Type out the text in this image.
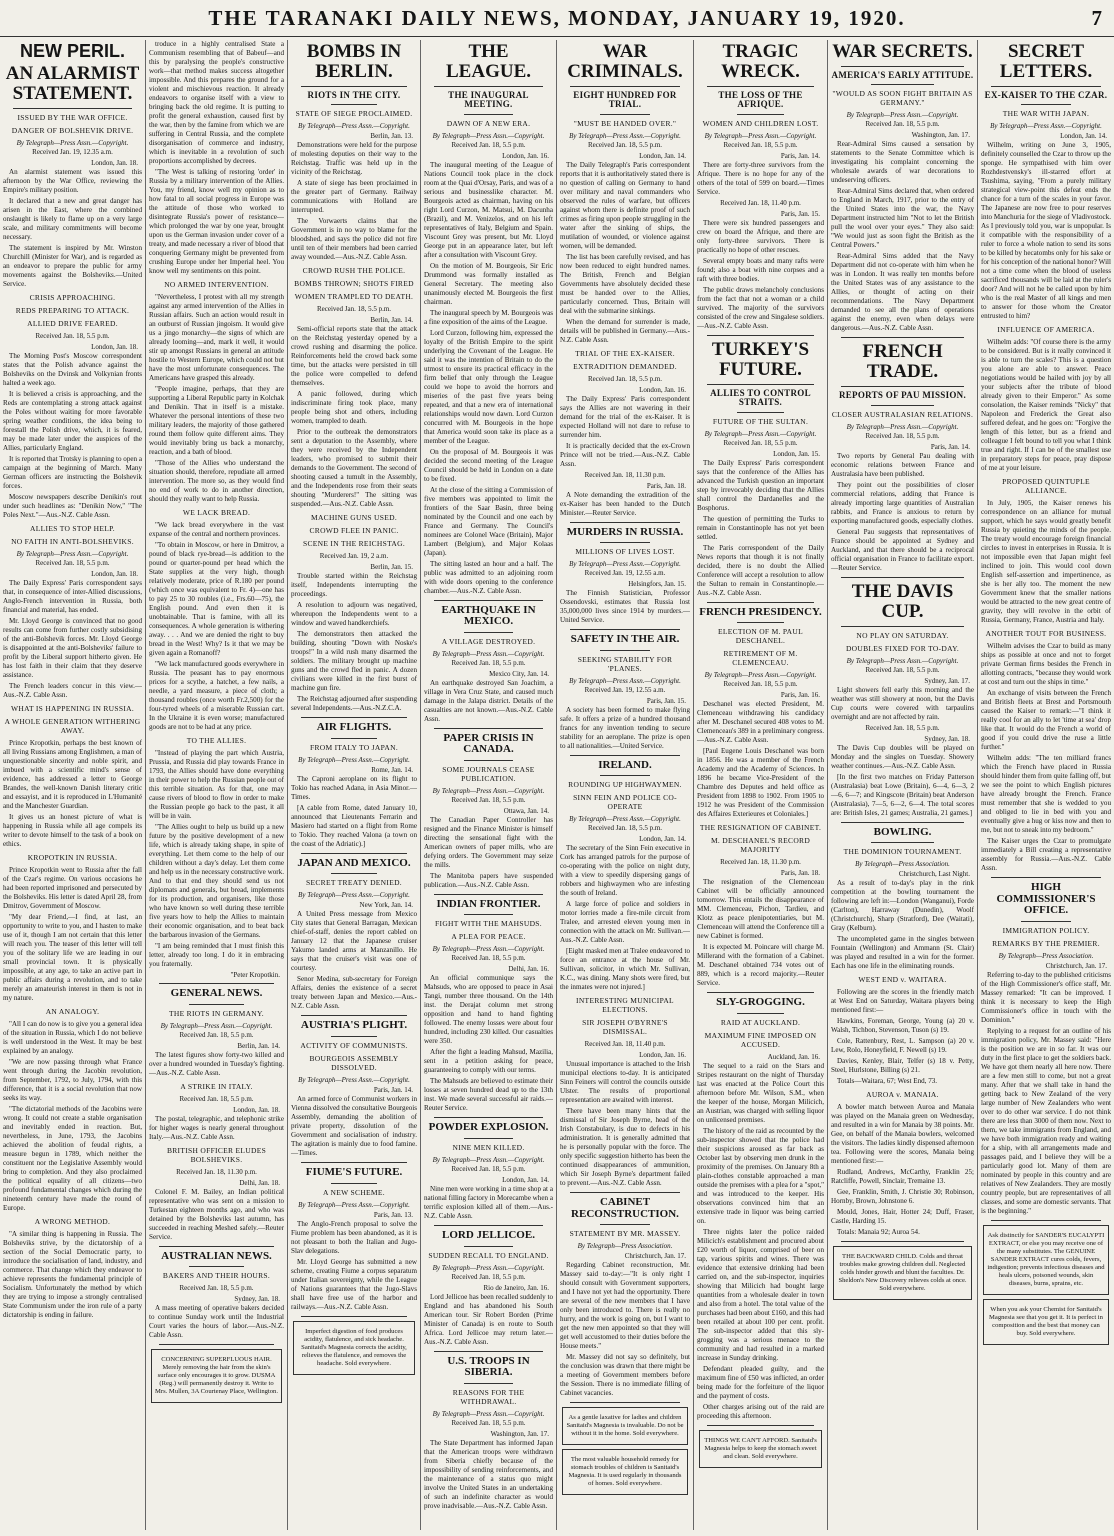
THE TARANAKI DAILY NEWS, MONDAY, JANUARY 19, 1920.	7
NEW PERIL.
AN ALARMIST STATEMENT.
ISSUED BY THE WAR OFFICE.
DANGER OF BOLSHEVIK DRIVE.
By Telegraph—Press Assn.—Copyright.
Received Jan. 19, 12.35 a.m.
London, Jan. 18.

An alarmist statement was issued this afternoon by the War Office, reviewing the Empire's military position.

It declared that a new and great danger has arisen in the East, where the combined onslaught is likely to flame up on a very large scale, and military commitments will become necessary.

The statement is inspired by Mr. Winston Churchill (Minister for War), and is regarded as an endeavor to prepare the public for army movements against the Bolsheviks.—United Service.

CRISIS APPROACHING.
REDS PREPARING TO ATTACK.
ALLIED DRIVE FEARED.
Received Jan. 18, 5.5 p.m.
London, Jan. 18.

The Morning Post's Moscow correspondent states that the Polish advance against the Bolsheviks on the Dvinsk and Volkynian fronts halted a week ago.

It is believed a crisis is approaching, and the Reds are contemplating a strong attack against the Poles without waiting for more favorable spring weather conditions, the idea being to forestall the Polish drive, which, it is feared, may be made later under the auspices of the Allies, particularly England.

It is reported that Trotsky is planning to open a campaign at the beginning of March. Many German officers are instructing the Bolshevik forces.

Moscow newspapers describe Denikin's rout under such headlines as: "Denikin Now," "The Poles Next."—Aus.-N.Z. Cable Assn.

ALLIES TO STOP HELP.
NO FAITH IN ANTI-BOLSHEVIKS.
By Telegraph—Press Assn.—Copyright.
Received Jan. 18, 5.5 p.m.
London, Jan. 18.

The Daily Express' Paris correspondent says that, in consequence of inter-Allied discussions, Anglo-French intervention in Russia, both financial and material, has ended.

Mr. Lloyd George is convinced that no good results can come from further costly subsidising of the anti-Bolshevik forces. Mr. Lloyd George is disappointed at the anti-Bolsheviks' failure to profit by the Liberal support hitherto given. He has lost faith in their claim that they deserve assistance.

The French leaders concur in this view.—Aus.-N.Z. Cable Assn.

WHAT IS HAPPENING IN RUSSIA.
A WHOLE GENERATION WITHERING AWAY.

Prince Kropotkin, perhaps the best known of all living Russians among Englishmen, a man of unquestionable sincerity and noble spirit, and imbued with a scientific mind's sense of evidence, has addressed a letter to George Brandes, the well-known Danish literary critic and essayist, and it is reproduced in L'Humanité and the Manchester Guardian.

It gives us an honest picture of what is happening in Russia while all age compels its writer to devote himself to the task of a book on ethics.

KROPOTKIN IN RUSSIA.

Prince Kropotkin went to Russia after the fall of the Czar's regime. On various occasions he had been reported imprisoned and persecuted by the Bolsheviks. His letter is dated April 28, from Dmitrov, Government of Moscow.

"My dear Friend,—I find, at last, an opportunity to write to you, and I hasten to make use of it, though I am not certain that this letter will reach you. The teaser of this letter will tell you of the solitary life we are leading in our small provincial town. It is physically impossible, at any age, to take an active part in public affairs during a revolution, and to take merely an amateurish interest in them is not in my nature.

AN ANALOGY.

"All I can do now is to give you a general idea of the situation in Russia, which I do not believe is well understood in the West. It may be best explained by an analogy.

"We are now passing through what France went through during the Jacobin revolution, from September, 1792, to July, 1794, with this difference, that it is a social revolution that now seeks its way.

"The dictatorial methods of the Jacobins were wrong. It could not create a stable organisation and inevitably ended in reaction. But, nevertheless, in June, 1793, the Jacobins achieved the abolition of feudal rights, a measure begun in 1789, which neither the constituent nor the Legislative Assembly would bring to completion. And they also proclaimed the political equality of all citizens—two profound fundamental changes which during the nineteenth century have made the round of Europe.

A WRONG METHOD.

"A similar thing is happening in Russia. The Bolsheviks strive, by the dictatorship of a section of the Social Democratic party, to introduce the socialisation of land, industry, and commerce. That change which they endeavor to achieve represents the fundamental principle of Socialism. Unfortunately the method by which they are trying to impose a strongly centralised State Communism under the iron rule of a party dictatorship is ending in failure.

troduce in a highly centralised State a Communism resembling that of Babeuf—and this by paralysing the people's constructive work—that method makes success altogether impossible. And this prepares the ground for a violent and mischievous reaction. It already endeavors to organise itself with a view to bringing back the old regime. It is putting to profit the general exhaustion, caused first by the war, then by the famine from which we are suffering in Central Russia, and the complete disorganisation of commerce and industry, which is inevitable in a revolution of such proportions accomplished by decrees.

"The West is talking of restoring 'order' in Russia by a military intervention of the Allies. You, my friend, know well my opinion as to how fatal to all social progress in Europe was the attitude of those who worked to disintegrate Russia's power of resistance—which prolonged the war by one year, brought upon us the German invasion under cover of a treaty, and made necessary a river of blood that conquering Germany might be prevented from crushing Europe under her Imperial heel. You know well my sentiments on this point.

NO ARMED INTERVENTION.

"Nevertheless, I protest with all my strength against any armed intervention of the Allies in Russian affairs. Such an action would result in an outburst of Russian jingoism. It would give us a jingo monarchy—the signs of which are already looming—and, mark it well, it would stir up amongst Russians in general an attitude hostile to Western Europe, which could not but have the most unfortunate consequences. The Americans have grasped this already.

"People imagine, perhaps, that they are supporting a Liberal Republic party in Kolchak and Denikin. That in itself is a mistake. Whatever the personal intentions of these two military leaders, the majority of those gathered round them follow quite different aims. They would inevitably bring us back a monarchy, reaction, and a bath of blood.

"Those of the Allies who understand the situation should, therefore, repudiate all armed intervention. The more so, as they would find no end of work to do in another direction, should they really want to help Russia.

WE LACK BREAD.

"We lack bread everywhere in the vast expanse of the central and northern provinces.

"To obtain in Moscow, or here in Dmitrov, a pound of black rye-bread—is addition to the pound or quarter-pound per head which the State supplies at the very high, though relatively moderate, price of R.180 per pound (which once was equivalent to Fr. 4)—one has to pay 25 to 30 roubles (i.e., Frs.60—75), the English pound. And even then it is unobtainable. That is famine, with all its consequences. A whole generation is withering away. . . . And we are denied the right to buy bread in the West! Why? Is it that we may be given again a Romanoff?

"We lack manufactured goods everywhere in Russia. The peasant has to pay enormous prices for a scythe, a hatchet, a few nails, a needle, a yard measure, a piece of cloth; a thousand roubles (once worth Fr.2,500) for the four-tyred wheels of a miserable Russian cart. In the Ukraine it is even worse; manufactured goods are not to be had at any price.

TO THE ALLIES.

"Instead of playing the part which Austria, Prussia, and Russia did play towards France in 1793, the Allies should have done everything in their power to help the Russian people out of this terrible situation. As for that, one may cause rivers of blood to flow in order to make the Russian people go back to the past, it all will be in vain.

"The Allies ought to help us build up a new future by the positive development of a new life, which is already taking shape, in spite of everything. Let them come to the help of our children without a day's delay. Let them come and help us in the necessary constructive work. And to that end they should send us not diplomats and generals, but bread, implements for its production, and organisers, like those who have known so well during these terrible five years how to help the Allies to maintain their economic organisation, and to beat back the barbarous invasion of the Germans.

"I am being reminded that I must finish this letter, already too long. I do it in embracing you fraternally.

"Peter Kropotkin.
GENERAL NEWS.
THE RIOTS IN GERMANY.
By Telegraph—Press Assn.—Copyright.
Received Jan. 18, 5.5 p.m.
Berlin, Jan. 14.

The latest figures show forty-two killed and over a hundred wounded in Tuesday's fighting.—Aus.-N.Z. Cable Assn.

A STRIKE IN ITALY.
Received Jan. 18, 5.5 p.m.
London, Jan. 18.

The postal, telegraphic, and telephonic strike for higher wages is nearly general throughout Italy.—Aus.-N.Z. Cable Assn.

BRITISH OFFICER ELUDES BOLSHEVIKS.
Received Jan. 18, 11.30 p.m.
Delhi, Jan. 18.

Colonel F. M. Bailey, an Indian political representative who was sent on a mission to Turkestan eighteen months ago, and who was detained by the Bolsheviks last autumn, has succeeded in reaching Meshed safely.—Reuter Service.

AUSTRALIAN NEWS.
BAKERS AND THEIR HOURS.
Received Jan. 18, 5.5 p.m.
Sydney, Jan. 18.

A mass meeting of operative bakers decided to continue Sunday work until the Industrial Court varies the hours of labor.—Aus.-N.Z. Cable Assn.

CONCERNING SUPERFLUOUS HAIR. Merely removing the hair from the skin's surface only encourages it to grow. DUSMA (Reg.) will permanently destroy it. Write to Mrs. Mullen, 3A Courtenay Place, Wellington.
BOMBS IN BERLIN.
RIOTS IN THE CITY.
STATE OF SIEGE PROCLAIMED.
By Telegraph—Press Assn.—Copyright.
Berlin, Jan. 13.

Demonstrations were held for the purpose of molesting deputies on their way to the Reichstag. Traffic was held up in the vicinity of the Reichstag.

A state of siege has been proclaimed in the greater part of Germany. Railway communications with Holland are interrupted.

The Vorwaerts claims that the Government is in no way to blame for the bloodshed, and says the police did not fire until ten of their members had been carried away wounded.—Aus.-N.Z. Cable Assn.

CROWD RUSH THE POLICE.
BOMBS THROWN; SHOTS FIRED
WOMEN TRAMPLED TO DEATH.
Received Jan. 18, 5.5 p.m.
Berlin, Jan. 14.

Semi-official reports state that the attack on the Reichstag yesterday opened by a crowd rushing and disarming the police. Reinforcements held the crowd back some time, but the attacks were persisted in till the police were compelled to defend themselves.

A panic followed, during which indiscriminate firing took place, many people being shot and others, including women, trampled to death.

Prior to the outbreak the demonstrators sent a deputation to the Assembly, where they were received by the Independent leaders, who promised to submit their demands to the Government. The second of shooting caused a tumult in the Assembly, and the Independents rose from their seats shouting "Murderers!" The sitting was suspended.—Aus.-N.Z. Cable Assn.

MACHINE GUNS USED.
CROWD FLEE IN PANIC.
SCENE IN THE REICHSTAG.
Received Jan. 19, 2 a.m.
Berlin, Jan. 15.

Trouble started within the Reichstag itself, Independents interrupting the proceedings.

A resolution to adjourn was negatived, whereupon the Independents went to a window and waved handkerchiefs.

The demonstrators then attacked the building, shouting "Down with Noske's troops!" In a wild rush many disarmed the soldiers. The military brought up machine guns and the crowd fled in panic. A dozen civilians were killed in the first burst of machine gun fire.

The Reichstag adjourned after suspending several Independents.—Aus.-N.Z.C.A.

AIR FLIGHTS.
FROM ITALY TO JAPAN.
By Telegraph—Press Assn.—Copyright.
Rome, Jan. 14.

The Caproni aeroplane on its flight to Tokio has reached Adana, in Asia Minor.—Times.

[A cable from Rome, dated January 10, announced that Lieutenants Ferrarin and Masiero had started on a flight from Rome to Tokio. They reached Valona (a town on the coast of the Adriatic).]

JAPAN AND MEXICO.
SECRET TREATY DENIED.
By Telegraph—Press Assn.—Copyright.
New York, Jan. 14.

A United Press message from Mexico City states that General Barragan, Mexican chief-of-staff, denies the report cabled on January 12 that the Japanese cruiser Yakumo landed arms at Manzanillo. He says that the cruiser's visit was one of courtesy.

Senor Medina, sub-secretary for Foreign Affairs, denies the existence of a secret treaty between Japan and Mexico.—Aus.-N.Z. Cable Assn.

AUSTRIA'S PLIGHT.
ACTIVITY OF COMMUNISTS.
BOURGEOIS ASSEMBLY DISSOLVED.
By Telegraph—Press Assn.—Copyright.
Paris, Jan. 14.

An armed force of Communist workers in Vienna dissolved the consultative Bourgeois Assembly, demanding the abolition of private property, dissolution of the Government and socialisation of industry. The agitation is mainly due to food famine.—Times.

FIUME'S FUTURE.
A NEW SCHEME.
By Telegraph—Press Assn.—Copyright.
Paris, Jan. 13.

The Anglo-French proposal to solve the Fiume problem has been abandoned, as it is not pleasant to both the Italian and Jugo-Slav delegations.

Mr. Lloyd George has submitted a new scheme, creating Fiume a corpus separatum under Italian sovereignty, while the League of Nations guarantees that the Jugo-Slavs shall have free use of the harbor and railways.—Aus.-N.Z. Cable Assn.

Imperfect digestion of food produces acidity, flatulence, and sick headache. Sanitaid's Magnesia corrects the acidity, relieves the flatulence, and removes the headache. Sold everywhere.
THE LEAGUE.
THE INAUGURAL MEETING.
DAWN OF A NEW ERA.
By Telegraph—Press Assn.—Copyright.
Received Jan. 18, 5.5 p.m.
London, Jan. 16.

The inaugural meeting of the League of Nations Council took place in the clock room at the Quai d'Orsay, Paris, and was of a serious and businesslike character. M. Bourgeois acted as chairman, having on his right Lord Curzon, M. Matsui, M. Dacunha (Brazil), and M. Venizelos, and on his left representatives of Italy, Belgium and Spain. Viscount Grey was present, but Mr. Lloyd George put in an appearance later, but left after a consultation with Viscount Grey.

On the motion of M. Bourgeois, Sir Eric Drummond was formally installed as General Secretary. The meeting also unanimously elected M. Bourgeois the first chairman.

The inaugural speech by M. Bourgeois was a fine exposition of the aims of the League.

Lord Curzon, following him, expressed the loyalty of the British Empire to the spirit underlying the Covenant of the League. He said it was the intention of Britain to do the utmost to ensure its practical efficacy in the firm belief that only through the League could we hope to avoid the horrors and miseries of the past five years being repeated, and that a new era of international relationships would now dawn. Lord Curzon concurred with M. Bourgeois in the hope that America would soon take its place as a member of the League.

On the proposal of M. Bourgeois it was decided the second meeting of the League Council should be held in London on a date to be fixed.

At the close of the sitting a Commission of five members was appointed to limit the frontiers of the Saar Basin, three being nominated by the Council and one each by France and Germany. The Council's nominees are Colonel Wace (Britain), Major Lambert (Belgium), and Major Kolaas (Japan).

The sitting lasted an hour and a half. The public was admitted to an adjoining room with wide doors opening to the conference chamber.—Aus.-N.Z. Cable Assn.

EARTHQUAKE IN MEXICO.
A VILLAGE DESTROYED.
By Telegraph—Press Assn.—Copyright.
Received Jan. 18, 5.5 p.m.
Mexico City, Jan. 14.

An earthquake destroyed San Joachim, a village in Vera Cruz State, and caused much damage in the Jalapa district. Details of the casualties are not known.—Aus.-N.Z. Cable Assn.

PAPER CRISIS IN CANADA.
SOME JOURNALS CEASE PUBLICATION.
By Telegraph—Press Assn.—Copyright.
Received Jan. 18, 5.5 p.m.
Ottawa, Jan. 14.

The Canadian Paper Controller has resigned and the Finance Minister is himself directing the sensational fight with the American owners of paper mills, who are defying orders. The Government may seize the mills.

The Manitoba papers have suspended publication.—Aus.-N.Z. Cable Assn.

INDIAN FRONTIER.
FIGHT WITH THE MAHSUDS.
A PLEA FOR PEACE.
By Telegraph—Press Assn.—Copyright.
Received Jan. 18, 5.5 p.m.
Delhi, Jan. 16.

An official communique says the Mahsuds, who are opposed to peace in Asai Tangi, number three thousand. On the 14th inst. the Derajat column met strong opposition and hand to hand fighting followed. The enemy losses were about four hundred, including 230 killed. Our casualties were 350.

After the fight a leading Mahsud, Mazilia, sent in a petition asking for peace, guaranteeing to comply with our terms.

The Mahsuds are believed to estimate their losses at seven hundred dead up to the 13th inst. We made several successful air raids.—Reuter Service.

POWDER EXPLOSION.
NINE MEN KILLED.
By Telegraph—Press Assn.—Copyright.
Received Jan. 18, 5.5 p.m.
London, Jan. 14.

Nine men were working in a time shop at a national filling factory in Morecambe when a terrific explosion killed all of them.—Aus.-N.Z. Cable Assn.

LORD JELLICOE.
SUDDEN RECALL TO ENGLAND.
By Telegraph—Press Assn.—Copyright.
Received Jan. 18, 5.5 p.m.
Rio de Janeiro, Jan. 16.

Lord Jellicoe has been recalled suddenly to England and has abandoned his South American tour. Sir Robert Borden (Prime Minister of Canada) is en route to South Africa. Lord Jellicoe may return later.—Aus.-N.Z. Cable Assn.

U.S. TROOPS IN SIBERIA.
REASONS FOR THE WITHDRAWAL.
By Telegraph—Press Assn.—Copyright.
Received Jan. 18, 5.5 p.m.
Washington, Jan. 17.

The State Department has informed Japan that the American troops were withdrawn from Siberia chiefly because of the impossibility of sending reinforcements, and the maintenance of a status quo might involve the United States in an undertaking of such an indefinite character as would prove inadvisable.—Aus.-N.Z. Cable Assn.

WAR CRIMINALS.
EIGHT HUNDRED FOR TRIAL.
"MUST BE HANDED OVER."
By Telegraph—Press Assn.—Copyright.
Received Jan. 18, 5.5 p.m.
London, Jan. 14.

The Daily Telegraph's Paris correspondent reports that it is authoritatively stated there is no question of calling on Germany to hand over military and naval commanders who observed the rules of warfare, but officers against whom there is definite proof of such crimes as firing upon people struggling in the water after the sinking of ships, the mutilation of wounded, or violence against women, will be demanded.

The list has been carefully revised, and has now been reduced to eight hundred names. The British, French and Belgian Governments have absolutely decided these must be handed over to the Allies, particularly concerned. Thus, Britain will deal with the submarine sinkings.

When the demand for surrender is made, details will be published in Germany.—Aus.-N.Z. Cable Assn.

TRIAL OF THE EX-KAISER.
EXTRADITION DEMANDED.
Received Jan. 18, 5.5 p.m.
London, Jan. 16.

The Daily Express' Paris correspondent says the Allies are not wavering in their demand for the trial of the ex-Kaiser. It is expected Holland will not dare to refuse to surrender him.

It is practically decided that the ex-Crown Prince will not be tried.—Aus.-N.Z. Cable Assn.

Received Jan. 18, 11.30 p.m.
Paris, Jan. 18.

A Note demanding the extradition of the ex-Kaiser has been handed to the Dutch Minister.—Reuter Service.

MURDERS IN RUSSIA.
MILLIONS OF LIVES LOST.
By Telegraph—Press Assn.—Copyright.
Received Jan. 19, 12.55 a.m.
Helsingfors, Jan. 15.

The Finnish Statistician, Professor Ossendovski, estimates that Russia lost 35,000,000 lives since 1914 by murders.—United Service.

SAFETY IN THE AIR.
SEEKING STABILITY FOR 'PLANES.
By Telegraph—Press Assn.—Copyright.
Received Jan. 19, 12.55 a.m.
Paris, Jan. 15.

A society has been formed to make flying safe. It offers a prize of a hundred thousand francs for any invention tending to secure stability for an aeroplane. The prize is open to all nationalities.—United Service.

IRELAND.
ROUNDING UP HIGHWAYMEN.
SINN FEIN AND POLICE CO-OPERATE
By Telegraph—Press Assn.—Copyright.
Received Jan. 18, 5.5 p.m.
London, Jan. 14.

The secretary of the Sinn Fein executive in Cork has arranged patrols for the purpose of co-operating with the police on night duty, with a view to speedily dispersing gangs of robbers and highwaymen who are infesting the south of Ireland.

A large force of police and soldiers in motor lorries made a fire-mile circuit from Tralee, and arrested eleven young men in connection with the attack on Mr. Sullivan.—Aus.-N.Z. Cable Assn.

[Eight masked men at Tralee endeavored to force an entrance at the house of Mr. Sullivan, solicitor, in which Mr. Sullivan, K.C., was dining. Many shots were fired, but the inmates were not injured.]

INTERESTING MUNICIPAL ELECTIONS.
SIR JOSEPH O'BYRNE'S DISMISSAL.
Received Jan. 18, 11.40 p.m.
London, Jan. 16.

Unusual importance is attached to the Irish municipal elections to-day. It is anticipated Sinn Feiners will control the councils outside Ulster. The results of proportional representation are awaited with interest.

There have been many hints that the dismissal of Sir Joseph Byrne, head of the Irish Constabulary, is due to defects in his administration. It is generally admitted that he is personally popular with the force. The only specific suggestion hitherto has been the continued disappearances of ammunition, which Sir Joseph Byrne's department failed to prevent.—Aus.-N.Z. Cable Assn.

CABINET RECONSTRUCTION.
STATEMENT BY MR. MASSEY.
By Telegraph—Press Association.
Christchurch, Jan. 17.

Regarding Cabinet reconstruction, Mr. Massey said to-day:—"It is only right I should consult with Government supporters, and I have not yet had the opportunity. There are several of the new members that I have only been introduced to. There is really no hurry, and the work is going on, but I want to get the new men appointed so that they will get well accustomed to their duties before the House meets."

Mr. Massey did not say so definitely, but the conclusion was drawn that there might be a meeting of Government members before the Session. There is no immediate filling of Cabinet vacancies.

As a gentle laxative for ladies and children Sanitaid's Magnesia is invaluable. Do not be without it in the home. Sold everywhere.
The most valuable household remedy for stomach troubles of children is Sanitaid's Magnesia. It is used regularly in thousands of homes. Sold everywhere.
TRAGIC WRECK.
THE LOSS OF THE AFRIQUE.
WOMEN AND CHILDREN LOST.
By Telegraph—Press Assn.—Copyright.
Received Jan. 18, 5.5 p.m.
Paris, Jan. 14.

There are forty-three survivors from the Afrique. There is no hope for any of the others of the total of 599 on board.—Times Service.

Received Jan. 18, 11.40 p.m.
Paris, Jan. 15.

There were six hundred passengers and crew on board the Afrique, and there are only forty-three survivors. There is practically no hope of other rescues.

Several empty boats and many rafts were found; also a boat with nine corpses and a raft with three bodies.

The public draws melancholy conclusions from the fact that not a woman or a child survived. The majority of the survivors consisted of the crew and Singalese soldiers.—Aus.-N.Z. Cable Assn.

TURKEY'S FUTURE.
ALLIES TO CONTROL STRAITS.
FUTURE OF THE SULTAN.
By Telegraph—Press Assn.—Copyright.
Received Jan. 18, 5.5 p.m.
London, Jan. 15.

The Daily Express' Paris correspondent says that the conference of the Allies has advanced the Turkish question an important step by irrevocably deciding that the Allies shall control the Dardanelles and the Bosphorus.

The question of permitting the Turks to remain in Constantinople has not yet been settled.

The Paris correspondent of the Daily News reports that though it is not finally decided, there is no doubt the Allied Conference will accept a resolution to allow the Sultan to remain in Constantinople.—Aus.-N.Z. Cable Assn.

FRENCH PRESIDENCY.
ELECTION OF M. PAUL DESCHANEL.
RETIREMENT OF M. CLEMENCEAU.
By Telegraph—Press Assn.—Copyright.
Received Jan. 18, 5.5 p.m.
Paris, Jan. 16.

Deschanel was elected President, M. Clemenceau withdrawing his candidacy after M. Deschanel secured 408 votes to M. Clemenceau's 389 in a preliminary congress.—Aus.-N.Z. Cable Assn.

[Paul Eugene Louis Deschanel was born in 1856. He was a member of the French Academy and the Academy of Sciences. In 1896 he became Vice-President of the Chambre des Deputes and held office as President from 1898 to 1902. From 1905 to 1912 he was President of the Commission des Affaires Exterieures et Coloniales.]

THE RESIGNATION OF CABINET.
M. DESCHANEL'S RECORD MAJORITY
Received Jan. 18, 11.30 p.m.
Paris, Jan. 18.

The resignation of the Clemenceau Cabinet will be officially announced tomorrow. This entails the disappearance of MM. Clemenceau, Pichon, Tardieu, and Klotz as peace plenipotentiaries, but M. Clemenceau will attend the Conference till a new Cabinet is formed.

It is expected M. Poincare will charge M. Millerand with the formation of a Cabinet. M. Deschanel obtained 734 votes out of 889, which is a record majority.—Reuter Service.

SLY-GROGGING.
RAID AT AUCKLAND.
MAXIMUM FINE IMPOSED ON ACCUSED.
Auckland, Jan. 16.

The sequel to a raid on the Stars and Stripes restaurant on the night of Thursday last was enacted at the Police Court this afternoon before Mr. Wilson, S.M., when the keeper of the house, Morgan Milicich, an Austrian, was charged with selling liquor on unlicensed premises.

The history of the raid as recounted by the sub-inspector showed that the police had their suspicions aroused as far back as October last by observing men drunk in the proximity of the premises. On January 8th a plain-clothes constable approached a man outside the premises with a plea for a "spot," and was introduced to the keeper. His observations convinced him that an extensive trade in liquor was being carried on.

Three nights later the police raided Milicich's establishment and procured about £20 worth of liquor, comprised of beer on tap, various spirits and wines. There was evidence that extensive drinking had been carried on, and the sub-inspector, inquiries showing that Milicich had bought large quantities from a wholesale dealer in town and also from a hotel. The total value of the purchases had been about £160, and this had been retailed at about 100 per cent. profit. The sub-inspector added that this sly-grogging was a serious menace to the community and had resulted in a marked increase in Sunday drinking.

Defendant pleaded guilty, and the maximum fine of £50 was inflicted, an order being made for the forfeiture of the liquor and the payment of costs.

Other charges arising out of the raid are proceeding this afternoon.

THINGS WE CAN'T AFFORD. Sanitaid's Magnesia helps to keep the stomach sweet and clean. Sold everywhere.
WAR SECRETS.
AMERICA'S EARLY ATTITUDE.
"WOULD AS SOON FIGHT BRITAIN AS GERMANY."
By Telegraph—Press Assn.—Copyright.
Received Jan. 18, 5.5 p.m.
Washington, Jan. 17.

Rear-Admiral Sims caused a sensation by statements to the Senate Committee which is investigating his complaint concerning the wholesale awards of war decorations to undeserving officers.

Rear-Admiral Sims declared that, when ordered to England in March, 1917, prior to the entry of the United States into the war, the Navy Department instructed him "Not to let the British pull the wool over your eyes." They also said: "We would just as soon fight the British as the Central Powers."

Rear-Admiral Sims added that the Navy Department did not co-operate with him when he was in London. It was really ten months before the United States was of any assistance to the Allies, or thought of acting on their recommendations. The Navy Department demanded to see all the plans of operations against the enemy, even when delays were dangerous.—Aus.-N.Z. Cable Assn.

FRENCH TRADE.
REPORTS OF PAU MISSION.
CLOSER AUSTRALASIAN RELATIONS.
By Telegraph—Press Assn.—Copyright.
Received Jan. 18, 5.5 p.m.
Paris, Jan. 14.

Two reports by General Pau dealing with economic relations between France and Australasia have been published.

They point out the possibilities of closer commercial relations, adding that France is already importing large quantities of Australian rabbits, and France is anxious to return by exporting manufactured goods, especially clothes.

General Pau suggests that representatives of France should be appointed at Sydney and Auckland, and that there should be a reciprocal official organisation in France to facilitate export.—Reuter Service.

THE DAVIS CUP.
NO PLAY ON SATURDAY.
DOUBLES FIXED FOR TO-DAY.
By Telegraph—Press Assn.—Copyright.
Received Jan. 18, 5.5 p.m.
Sydney, Jan. 17.

Light showers fell early this morning and the weather was still showery at noon, but the Davis Cup courts were covered with tarpaulins overnight and are not affected by rain.

Received Jan. 18, 5.5 p.m.
Sydney, Jan. 18.

The Davis Cup doubles will be played on Monday and the singles on Tuesday. Showery weather continues.—Aus.-N.Z. Cable Assn.

[In the first two matches on Friday Patterson (Australasia) beat Lowe (Britain), 6—4, 6—3, 2—6, 6—7; and Kingscote (Britain) beat Anderson (Australasia), 7—5, 6—2, 6—4. The total scores are: British Isles, 21 games; Australia, 21 games.]

BOWLING.
THE DOMINION TOURNAMENT.
By Telegraph—Press Association.
Christchurch, Last Night.

As a result of to-day's play in the rink competition at the bowling tournament the following are left in:—London (Wanganui), Forde (Carlton), Harraway (Dunedin), Woolf (Christchurch), Sharp (Stratford), Dee (Waitati), Gray (Kelburn).

The uncompleted game in the singles between Fountain (Wellington) and Ammann (St. Clair) was played and resulted in a win for the former. Each has one life in the eliminating rounds.

WEST END v. WAITARA.

Following are the scores in the friendly match at West End on Saturday, Waitara players being mentioned first:—

Hawkins, Foreman, George, Young (a) 20 v. Walsh, Tichbon, Stevenson, Tuson (s) 19.

Cole, Rattenbury, Rest, L. Sampson (a) 20 v. Lew, Rolo, Honeyfield, F. Newell (s) 19.

Davies, Kenley, Blair, Telfer (s) 18 v. Petty, Steel, Hurlstone, Billing (s) 21.

Totals—Waitara, 67; West End, 73.

AUROA v. MANAIA.

A bowler match between Auroa and Manaia was played on the Manaia green on Wednesday, and resulted in a win for Manaia by 38 points. Mr. Gee, on behalf of the Manaia bowlers, welcomed the visitors. The ladies kindly dispensed afternoon tea. Following were the scores, Manaia being mentioned first:—

Rudland, Andrews, McCarthy, Franklin 25; Ratcliffe, Powell, Sinclair, Tremaine 13.

Gee, Franklin, Smith, J. Christie 30; Robinson, Hornby, Brown, Johnstone 6.

Mould, Jones, Hair, Hotter 24; Duff, Fraser, Castle, Harding 15.

Totals: Manaia 92; Auroa 54.

THE BACKWARD CHILD. Colds and throat troubles make growing children dull. Neglected colds hinder growth and blunt the faculties. Dr. Sheldon's New Discovery relieves colds at once. Sold everywhere.
SECRET LETTERS.
EX-KAISER TO THE CZAR.
THE WAR WITH JAPAN.
By Telegraph—Press Assn.—Copyright.
London, Jan. 14.

Wilhelm, writing on June 3, 1905, definitely counselled the Czar to throw up the sponge. He sympathised with him over Rozhdestvensky's ill-starred effort at Tsushima, saying, "From a purely military strategical view-point this defeat ends the chance for a turn of the scales in your favor. The Japanese are now free to pour reserves into Manchuria for the siege of Vladivostock. As I previously told you, war is unpopular. Is it compatible with the responsibility of a ruler to force a whole nation to send its sons to be killed by hecatombs only for his sake or for his conception of the national honor? Will not a time come when the blood of useless sacrificed thousands will be laid at the ruler's door? And will not he be called upon by him who is the real Master of all kings and men to answer for those whom the Creator entrusted to him?

INFLUENCE OF AMERICA.

Wilhelm adds: "Of course there is the army to be considered. But is it really convinced it is able to turn the scales? This is a question you alone are able to answer. Peace negotiations would be hailed with joy by all your subjects after the tribute of blood already given to their Emperor." As some consolation, the Kaiser reminds "Nicky" that Napoleon and Frederick the Great also suffered defeat, and he goes on: "Forgive the length of this letter, but as a friend and colleague I felt bound to tell you what I think true and right. If I can be of the smallest use in preparatory steps for peace, pray dispose of me at your leisure.

PROPOSED QUINTUPLE ALLIANCE.

In July, 1905, the Kaiser renews his correspondence on an alliance for mutual support, which he says would greatly benefit Russia by quieting the minds of the people. The treaty would encourage foreign financial circles to invest in enterprises in Russia. It is not impossible even that Japan might feel inclined to join. This would cool down English self-assertion and impertinence, as she is her ally too. The moment the new Government knew that the smaller nations would be attracted to the new great centre of gravity, they will revolve in the orbit of Russia, Germany, France, Austria and Italy.

ANOTHER TOUT FOR BUSINESS.

Wilhelm advises the Czar to build as many ships as possible at once and not to forget private German firms besides the French in allotting contracts, "because they would work at cost and turn out the ships in time."

An exchange of visits between the French and British fleets at Brest and Portsmouth caused the Kaiser to remark:—"I think it really cool for an ally to let 'time at sea' drop like that. It would do the French a world of good if you could drive the ruse a little further."

Wilhelm adds: "The ten milliard francs which the French have placed in Russia should hinder them from quite falling off, but we see the point to which English pictures have already brought the French. France must remember that she is wedded to you and obliged to lie in bed with you and eventually give a hug or kiss now and then to me, but not to sneak into my bedroom."

The Kaiser urges the Czar to promulgate immediately a Bill creating a representative assembly for Russia.—Aus.-N.Z. Cable Assn.

HIGH COMMISSIONER'S OFFICE.
IMMIGRATION POLICY.
REMARKS BY THE PREMIER.
By Telegraph—Press Association.
Christchurch, Jan. 17.

Referring to-day to the published criticisms of the High Commissioner's office staff, Mr. Massey remarked: "It can be improved. I think it is necessary to keep the High Commissioner's office in touch with the Dominion."

Replying to a request for an outline of his immigration policy, Mr. Massey said: "Here is the position we are in so far. It was our duty in the first place to get the soldiers back. We have got them nearly all here now. There are a few men still to come, but not a great many. After that we shall take in hand the getting back to New Zealand of the very large number of New Zealanders who went over to do other war service. I do not think there are less than 3000 of them now. Next to them, we take immigrants from England, and we have both immigration ready and waiting for a ship, with all arrangements made and passages paid, and I believe they will be a particularly good lot. Many of them are nominated by people in this country and are relatives of New Zealanders. They are mostly country people, but are representatives of all classes, and some are domestic servants. That is the beginning."

Ask distinctly for SANDER'S EUCALYPTI EXTRACT, or else you may receive one of the many substitutes. The GENUINE SANDER EXTRACT cures colds, fevers, indigestion; prevents infectious diseases and heals ulcers, poisoned wounds, skin diseases, burns, sprains, etc.
When you ask your Chemist for Sanitaid's Magnesia see that you get it. It is perfect in composition and the best that money can buy. Sold everywhere.
